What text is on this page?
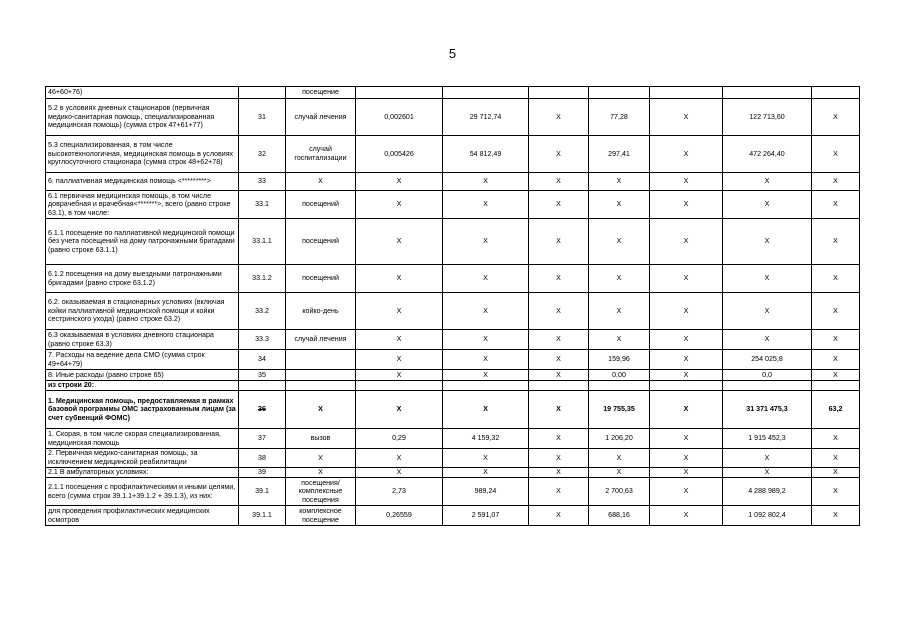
5
46+60+76)		посещение							
5.2 в условиях дневных стационаров (первичная медико-санитарная помощь, специализированная медицинская помощь) (сумма строк 47+61+77)	31	случай лечения	0,002601	29 712,74	X	77,28	X	122 713,60	X
5.3 специализированная, в том числе высокотехнологичная, медицинская помощь в условиях круглосуточного стационара (сумма строк 48+62+78)	32	случай госпитализации	0,005426	54 812,49	X	297,41	X	472 264,40	X
6. паллиативная медицинская помощь <*********>	33	X	X	X	X	X	X	X	X
6.1 первичная медицинская помощь, в том числе доврачебная и врачебная<*******>, всего (равно строке 63.1), в том числе:	33.1	посещений	X	X	X	X	X	X	X
6.1.1 посещение по паллиативной медицинской помощи без учета посещений на дому патронажными бригадами (равно строке 63.1.1)	33.1.1	посещений	X	X	X	X	X	X	X
6.1.2 посещения на дому выездными патронажными бригадами (равно строке 63.1.2)	33.1.2	посещений	X	X	X	X	X	X	X
6.2. оказываемая в стационарных условиях (включая койки паллиативной медицинской помощи и койки сестринского ухода) (равно строке 63.2)	33.2	койко-день	X	X	X	X	X	X	X
6.3 оказываемая в условиях дневного стационара (равно строке 63.3)	33.3	случай лечения	X	X	X	X	X	X	X
7. Расходы на ведение дела СМО (сумма строк 49+64+79)	34		X	X	X	159,96	X	254 025,8	X
8. Иные расходы (равно строке 65)	35		X	X	X	0,00	X	0,0	X
из строки 20:									
1. Медицинская помощь, предоставляемая в рамках базовой программы ОМС застрахованным лицам (за счет субвенций ФОМС)	36	X	X	X	X	19 755,35	X	31 371 475,3	63,2
1. Скорая, в том числе скорая специализированная, медицинская помощь	37	вызов	0,29	4 159,32	X	1 206,20	X	1 915 452,3	X
2. Первичная медико-санитарная помощь, за исключением медицинской реабилитации	38	X	X	X	X	X	X	X	X
2.1 В амбулаторных условиях:	39	X	X	X	X	X	X	X	X
2.1.1 посещения с профилактическими и иными целями, всего (сумма строк 39.1.1+39.1.2 + 39.1.3), из них:	39.1	посещения/ комплексные посещения	2,73	989,24	X	2 700,63	X	4 288 989,2	X
для проведения профилактических медицинских осмотров	39.1.1	комплексное посещение	0,26559	2 591,07	X	688,16	X	1 092 802,4	X
